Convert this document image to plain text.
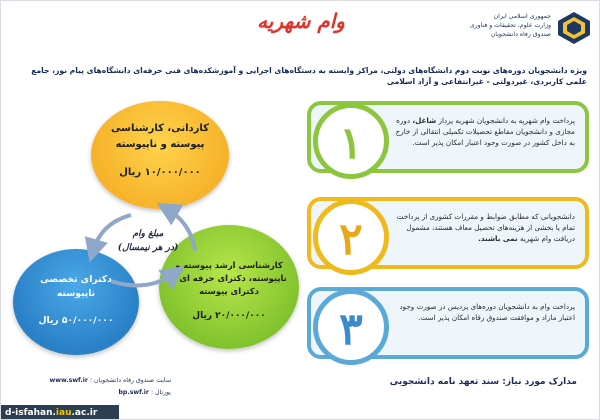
جمهوری اسلامی ایران
وزارت علوم، تحقیقات و فناوری
صندوق رفاه دانشجویان
وام شهریه
ویژه دانشجویان دوره‌های نوبت دوم دانشگاه‌های دولتی، مراکز وابسته به دستگاه‌های اجرایی و آموزشکده‌های فنی حرفه‌ای دانشگاه‌های پیام نور، جامع علمی کاربردی، غیردولتی - غیرانتفاعی و آزاد اسلامی
۱	پرداخت وام شهریه به دانشجویان شهریه پرداز شاغل، دوره مجازی و دانشجویان مقاطع تحصیلات تکمیلی انتقالی از خارج به داخل کشور در صورت وجود اعتبار امکان پذیر است.
۲	دانشجویانی که مطابق ضوابط و مقررات کشوری از پرداخت تمام یا بخشی از هزینه‌های تحصیل معاف هستند، مشمول دریافت وام شهریه نمی باشند.
۳	پرداخت وام به دانشجویان دوره‌های پردیس در صورت وجود اعتبار مازاد و موافقت صندوق رفاه امکان پذیر است.
کاردانی، کارشناسی پیوسته و ناپیوسته
۱۰/۰۰۰/۰۰۰ ریال
کارشناسی ارشد پیوسته و ناپیوسته، دکترای حرفه ای و دکترای پیوسته
۲۰/۰۰۰/۰۰۰ ریال
دکترای تخصصی ناپیوسته
۵۰/۰۰۰/۰۰۰ ریال
مبلغ وام
(در هر نیمسال)
مدارک مورد نیاز: سند تعهد نامه دانشجویی
سایت صندوق رفاه دانشجویان : www.swf.ir
پورتال : bp.swf.ir
d-isfahan.iau.ac.ir
